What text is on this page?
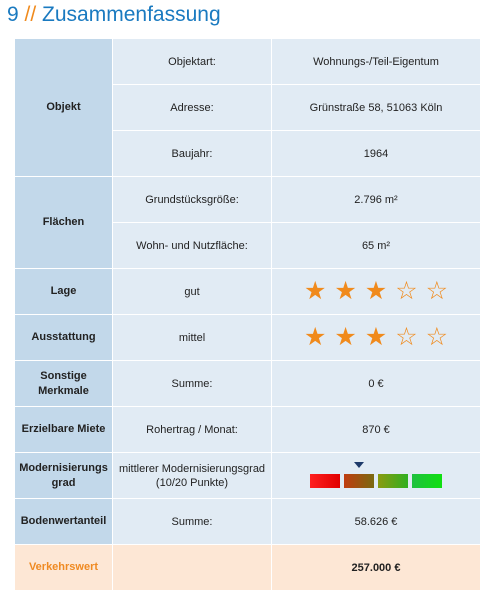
9 // Zusammenfassung
Objekt	Objektart:	Wohnungs-/Teil-Eigentum
	Adresse:	Grünstraße 58, 51063 Köln
	Baujahr:	1964
Flächen	Grundstücksgröße:	2.796 m²
	Wohn- und Nutzfläche:	65 m²
Lage	gut	★ ★ ★ ☆ ☆

Ausstattung	mittel	★ ★ ★ ☆ ☆

Sonstige Merkmale	Summe:	0 €
Erzielbare Miete	Rohertrag / Monat:	870 €
Modernisierungs grad	mittlerer Modernisierungsgrad (10/20 Punkte)	

Bodenwertanteil	Summe:	58.626 €
Verkehrswert		257.000 €
